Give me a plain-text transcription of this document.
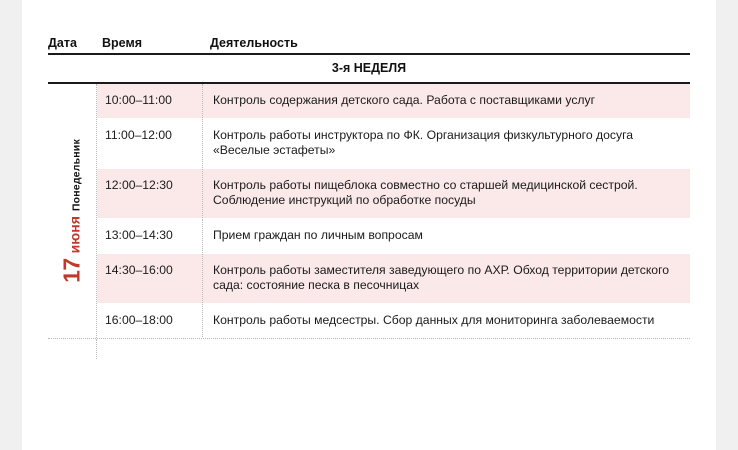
Дата	Время	Деятельность
3-я НЕДЕЛЯ
17
июня
Понедельник
10:00–11:00	Контроль содержания детского сада. Работа с поставщиками услуг
11:00–12:00	Контроль работы инструктора по ФК. Организация физкультурного досуга «Веселые эстафеты»
12:00–12:30	Контроль работы пищеблока совместно со старшей медицинской сестрой. Соблюдение инструкций по обработке посуды
13:00–14:30	Прием граждан по личным вопросам
14:30–16:00	Контроль работы заместителя заведующего по АХР. Обход территории детского сада: состояние песка в песочницах
16:00–18:00	Контроль работы медсестры. Сбор данных для мониторинга заболеваемости
